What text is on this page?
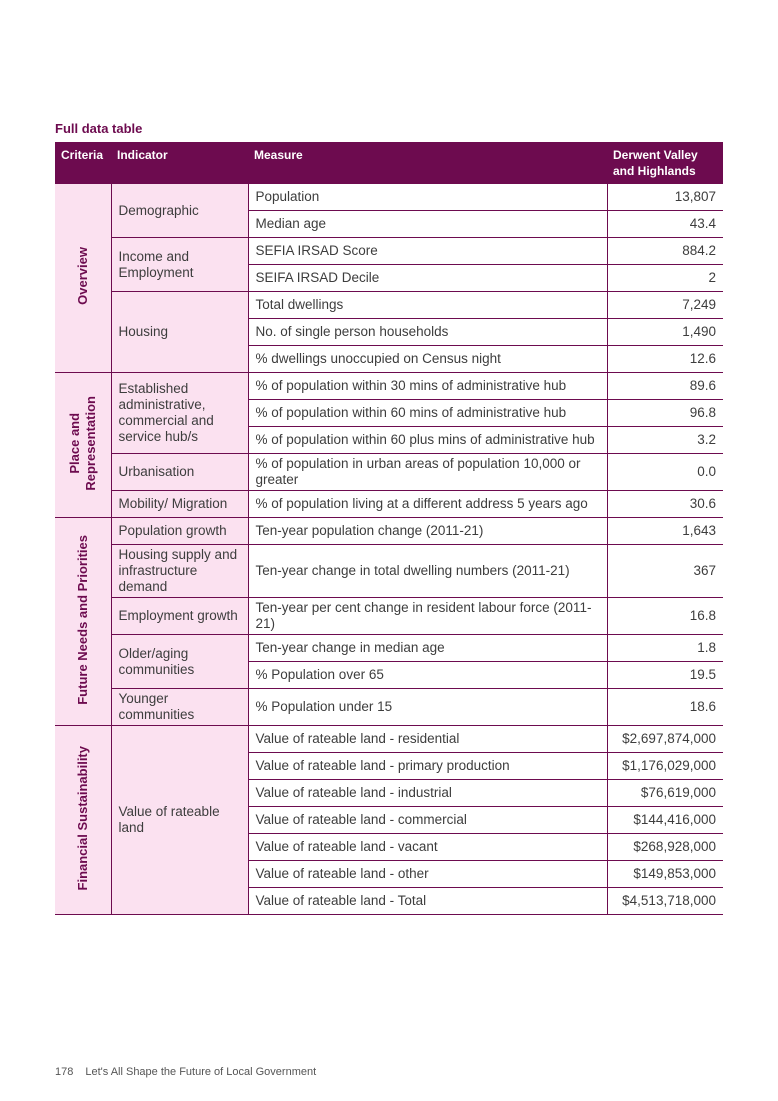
Full data table
Criteria	Indicator	Measure	Derwent Valley and Highlands
Overview	Demographic	Population	13,807
		Median age	43.4
	Income and Employment	SEFIA IRSAD Score	884.2
		SEIFA IRSAD Decile	2
	Housing	Total dwellings	7,249
		No. of single person households	1,490
		% dwellings unoccupied on Census night	12.6
Place and
Representation	Established administrative, commercial and service hub/s	% of population within 30 mins of administrative hub	89.6
		% of population within 60 mins of administrative hub	96.8
		% of population within 60 plus mins of administrative hub	3.2
	Urbanisation	% of population in urban areas of population 10,000 or greater	0.0
	Mobility/ Migration	% of population living at a different address 5 years ago	30.6
Future Needs and Priorities	Population growth	Ten-year population change (2011-21)	1,643
	Housing supply and infrastructure demand	Ten-year change in total dwelling numbers (2011-21)	367
	Employment growth	Ten-year per cent change in resident labour force (2011-21)	16.8
	Older/aging communities	Ten-year change in median age	1.8
		% Population over 65	19.5
	Younger communities	% Population under 15	18.6
Financial Sustainability	Value of rateable land	Value of rateable land - residential	$2,697,874,000
		Value of rateable land - primary production	$1,176,029,000
		Value of rateable land - industrial	$76,619,000
		Value of rateable land - commercial	$144,416,000
		Value of rateable land - vacant	$268,928,000
		Value of rateable land - other	$149,853,000
		Value of rateable land - Total	$4,513,718,000
178 Let's All Shape the Future of Local Government
